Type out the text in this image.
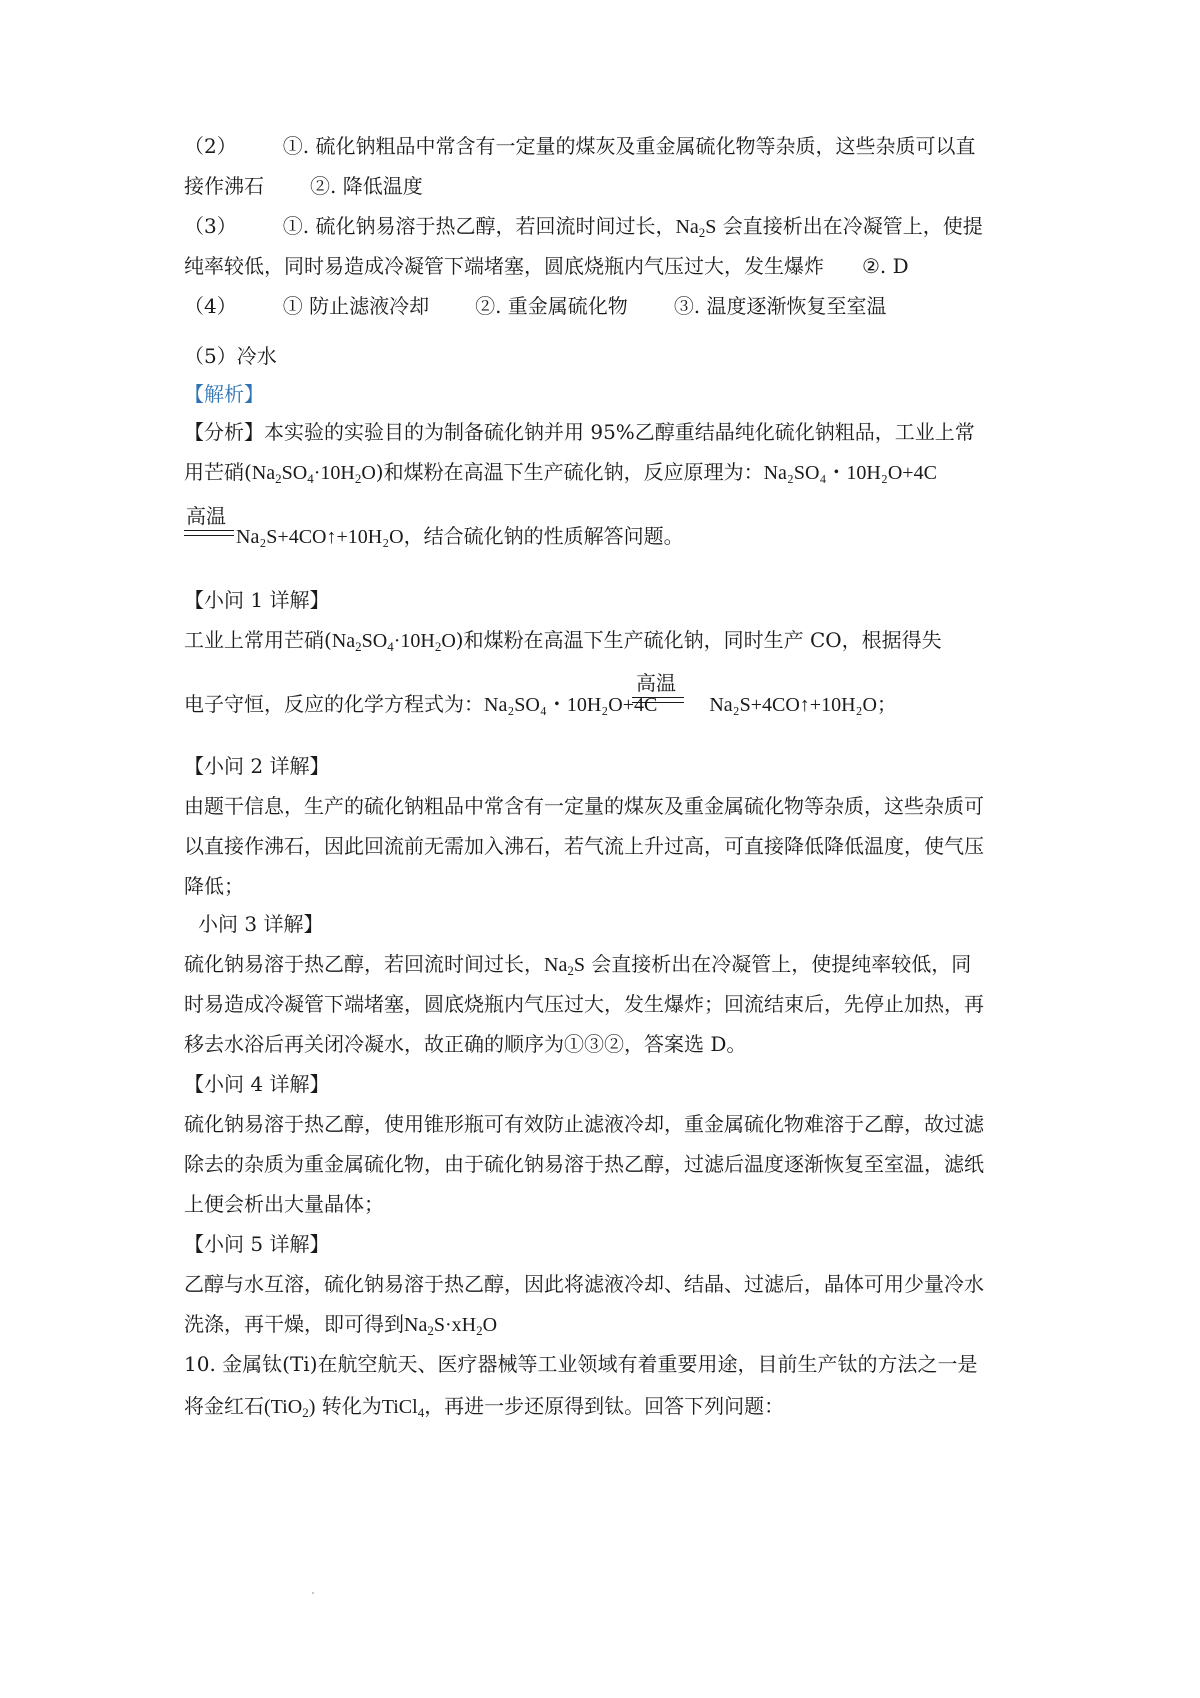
（2） ①. 硫化钠粗品中常含有一定量的煤灰及重金属硫化物等杂质，这些杂质可以直
接作沸石 ②. 降低温度
（3） ①. 硫化钠易溶于热乙醇，若回流时间过长，$Na_2S$ 会直接析出在冷凝管上，使提
纯率较低，同时易造成冷凝管下端堵塞，圆底烧瓶内气压过大，发生爆炸 ②. D
（4） ① 防止滤液冷却 ②. 重金属硫化物 ③. 温度逐渐恢复至室温
（5）冷水
【解析】
【分析】本实验的实验目的为制备硫化钠并用 95%乙醇重结晶纯化硫化钠粗品，工业上常
用芒硝$(Na_2SO_4\cdot 10H_2O)$和煤粉在高温下生产硫化钠，反应原理为：Na₂SO₄・10H₂O+4C
高温
Na₂S+4CO↑+10H₂O，结合硫化钠的性质解答问题。
【小问 1 详解】
工业上常用芒硝$(Na_2SO_4\cdot 10H_2O)$和煤粉在高温下生产硫化钠，同时生产 CO，根据得失
高温
电子守恒，反应的化学方程式为：Na₂SO₄・10H₂O+4C	Na₂S+4CO↑+10H₂O；
【小问 2 详解】
由题干信息，生产的硫化钠粗品中常含有一定量的煤灰及重金属硫化物等杂质，这些杂质可
以直接作沸石，因此回流前无需加入沸石，若气流上升过高，可直接降低降低温度，使气压
降低；
小问 3 详解】
硫化钠易溶于热乙醇，若回流时间过长，$Na_2S$ 会直接析出在冷凝管上，使提纯率较低，同
时易造成冷凝管下端堵塞，圆底烧瓶内气压过大，发生爆炸；回流结束后，先停止加热，再
移去水浴后再关闭冷凝水，故正确的顺序为①③②，答案选 D。
【小问 4 详解】
硫化钠易溶于热乙醇，使用锥形瓶可有效防止滤液冷却，重金属硫化物难溶于乙醇，故过滤
除去的杂质为重金属硫化物，由于硫化钠易溶于热乙醇，过滤后温度逐渐恢复至室温，滤纸
上便会析出大量晶体；
【小问 5 详解】
乙醇与水互溶，硫化钠易溶于热乙醇，因此将滤液冷却、结晶、过滤后，晶体可用少量冷水
洗涤，再干燥，即可得到$Na_2S\cdot xH_2O$
10. 金属钛(Ti)在航空航天、医疗器械等工业领域有着重要用途，目前生产钛的方法之一是
将金红石(TiO$_2$) 转化为TiCl$_4$，再进一步还原得到钛。回答下列问题：
